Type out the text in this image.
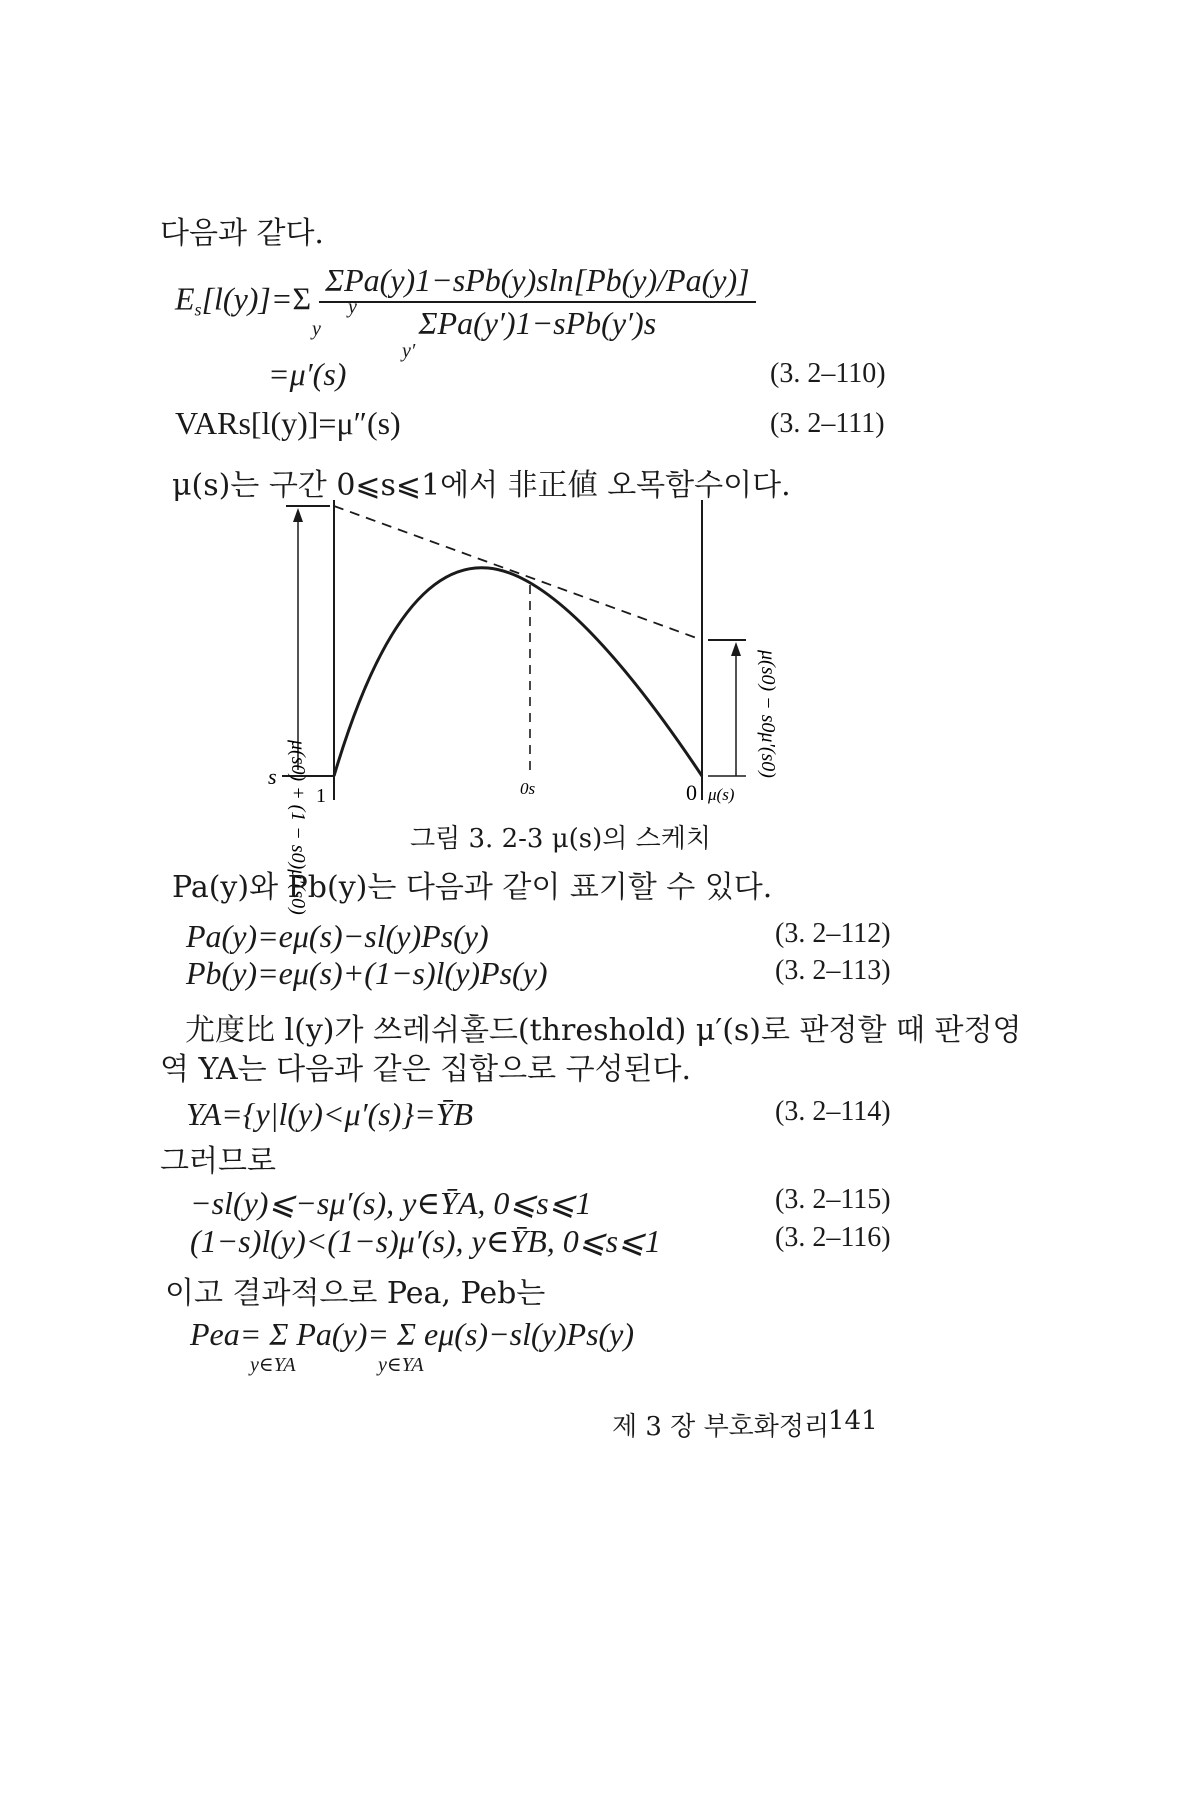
다음과 같다.
$E_s[l(y)]=\Sigma \frac{\text{ΣPa(y)1−sPb(y)sln[Pb(y)/Pa(y)]}}{\text{ΣPa(y′)1−sPb(y′)s}}$
y
y
y′
=μ′(s)	(3. 2–110)
VARs[l(y)]=μ″(s)	(3. 2–111)
μ(s)는 구간 0⩽s⩽1에서 非正値 오목함수이다.
μ(s0) + (1 − s0)μ′(s0)
μ(s0) − s0μ′(s0)
s
1	0s	0 μ(s)
그림 3. 2-3 μ(s)의 스케치
Pa(y)와 Pb(y)는 다음과 같이 표기할 수 있다.
Pa(y)=eμ(s)−sl(y)Ps(y)	(3. 2–112)
Pb(y)=eμ(s)+(1−s)l(y)Ps(y)	(3. 2–113)
尤度比 l(y)가 쓰레쉬홀드(threshold) μ′(s)로 판정할 때 판정영
역 YA는 다음과 같은 집합으로 구성된다.
YA={y|l(y)<μ′(s)}=ȲB	(3. 2–114)
그러므로
−sl(y)⩽−sμ′(s), y∈ȲA, 0⩽s⩽1	(3. 2–115)
(1−s)l(y)<(1−s)μ′(s), y∈ȲB, 0⩽s⩽1	(3. 2–116)
이고 결과적으로 Pea, Peb는
Pea= Σ Pa(y)= Σ eμ(s)−sl(y)Ps(y)
y∈YA	y∈YA
제 3 장 부호화정리
141
